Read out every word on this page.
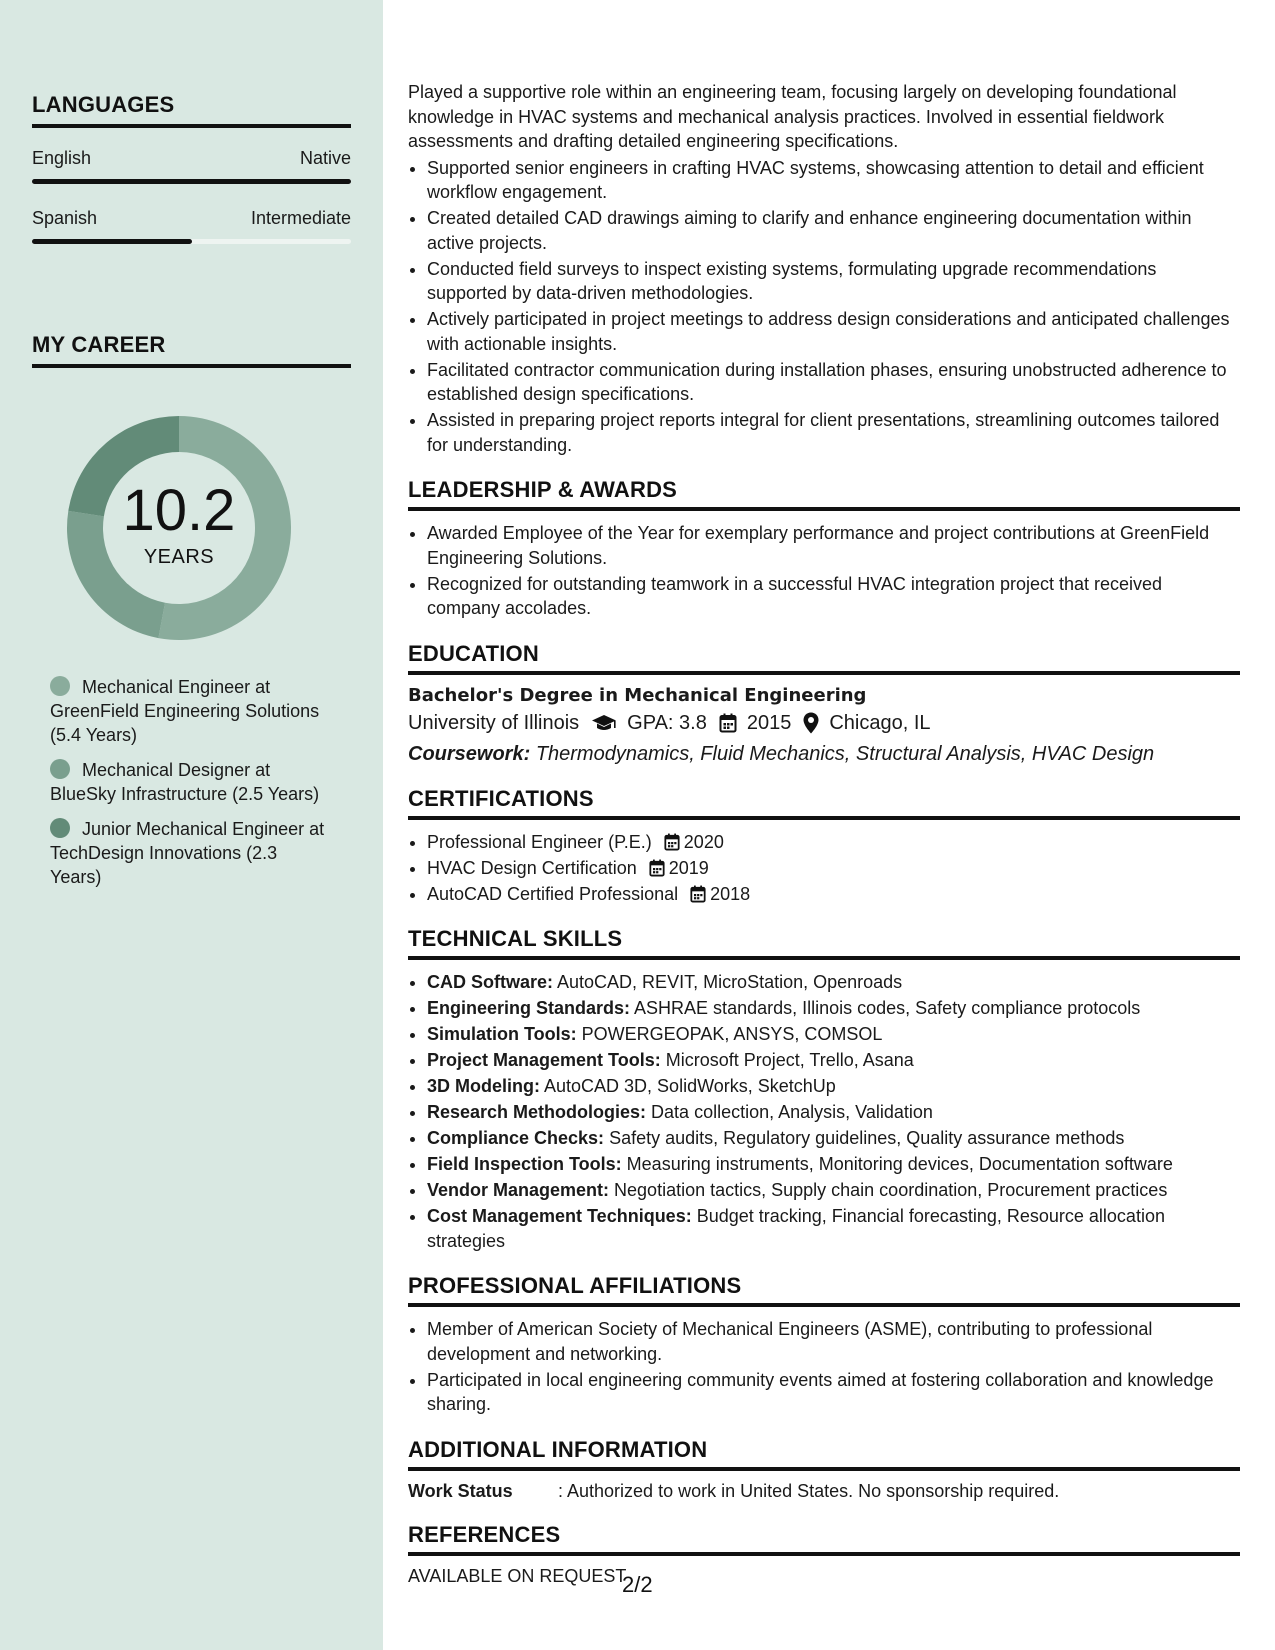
LANGUAGES
English	Native
Spanish	Intermediate
MY CAREER
10.2
YEARS
Mechanical Engineer at GreenField Engineering Solutions (5.4 Years)
Mechanical Designer at BlueSky Infrastructure (2.5 Years)
Junior Mechanical Engineer at TechDesign Innovations (2.3 Years)

Played a supportive role within an engineering team, focusing largely on developing foundational knowledge in HVAC systems and mechanical analysis practices. Involved in essential fieldwork assessments and drafting detailed engineering specifications.

• Supported senior engineers in crafting HVAC systems, showcasing attention to detail and efficient workflow engagement.
• Created detailed CAD drawings aiming to clarify and enhance engineering documentation within active projects.
• Conducted field surveys to inspect existing systems, formulating upgrade recommendations supported by data-driven methodologies.
• Actively participated in project meetings to address design considerations and anticipated challenges with actionable insights.
• Facilitated contractor communication during installation phases, ensuring unobstructed adherence to established design specifications.
• Assisted in preparing project reports integral for client presentations, streamlining outcomes tailored for understanding.
LEADERSHIP & AWARDS
• Awarded Employee of the Year for exemplary performance and project contributions at GreenField Engineering Solutions.
• Recognized for outstanding teamwork in a successful HVAC integration project that received company accolades.
EDUCATION
Bachelor's Degree in Mechanical Engineering
University of Illinois GPA: 3.8 2015 Chicago, IL
Coursework: Thermodynamics, Fluid Mechanics, Structural Analysis, HVAC Design
CERTIFICATIONS
• Professional Engineer (P.E.) 2020
• HVAC Design Certification 2019
• AutoCAD Certified Professional 2018
TECHNICAL SKILLS
• CAD Software: AutoCAD, REVIT, MicroStation, Openroads
• Engineering Standards: ASHRAE standards, Illinois codes, Safety compliance protocols
• Simulation Tools: POWERGEOPAK, ANSYS, COMSOL
• Project Management Tools: Microsoft Project, Trello, Asana
• 3D Modeling: AutoCAD 3D, SolidWorks, SketchUp
• Research Methodologies: Data collection, Analysis, Validation
• Compliance Checks: Safety audits, Regulatory guidelines, Quality assurance methods
• Field Inspection Tools: Measuring instruments, Monitoring devices, Documentation software
• Vendor Management: Negotiation tactics, Supply chain coordination, Procurement practices
• Cost Management Techniques: Budget tracking, Financial forecasting, Resource allocation strategies
PROFESSIONAL AFFILIATIONS
• Member of American Society of Mechanical Engineers (ASME), contributing to professional development and networking.
• Participated in local engineering community events aimed at fostering collaboration and knowledge sharing.
ADDITIONAL INFORMATION
Work Status	: Authorized to work in United States. No sponsorship required.
REFERENCES
AVAILABLE ON REQUEST
2/2
